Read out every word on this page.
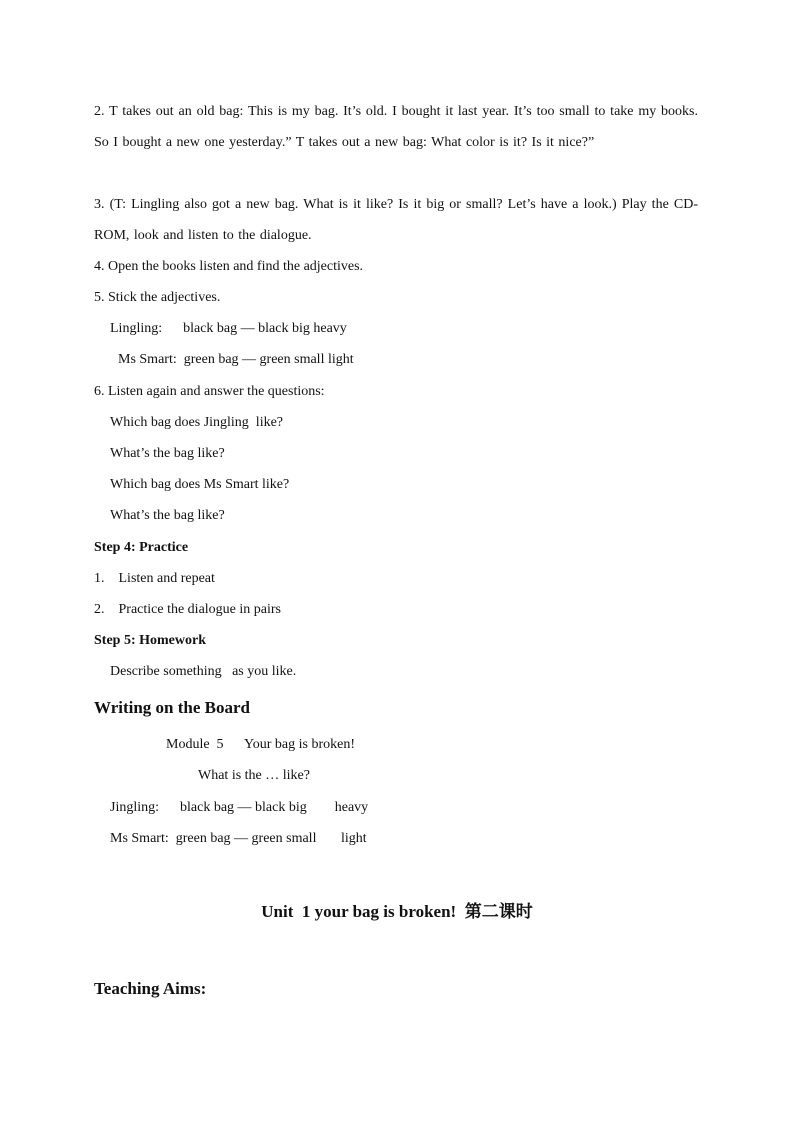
2. T takes out an old bag: This is my bag. It’s old. I bought it last year. It’s too small to take my books. So I bought a new one yesterday.” T takes out a new bag: What color is it? Is it nice?”
3. (T: Lingling also got a new bag. What is it like? Is it big or small? Let’s have a look.) Play the CD-ROM, look and listen to the dialogue.
4. Open the books listen and find the adjectives.
5. Stick the adjectives.
Lingling:      black bag — black big heavy
Ms Smart:  green bag — green small light
6. Listen again and answer the questions:
Which bag does Jingling  like?
What’s the bag like?
Which bag does Ms Smart like?
What’s the bag like?
Step 4: Practice
1.    Listen and repeat
2.    Practice the dialogue in pairs
Step 5: Homework
Describe something   as you like.
Writing on the Board
Module  5      Your bag is broken!
What is the … like?
Jingling:      black bag — black big        heavy
Ms Smart:  green bag — green small       light
Unit  1 your bag is broken!  第二课时
Teaching Aims:
